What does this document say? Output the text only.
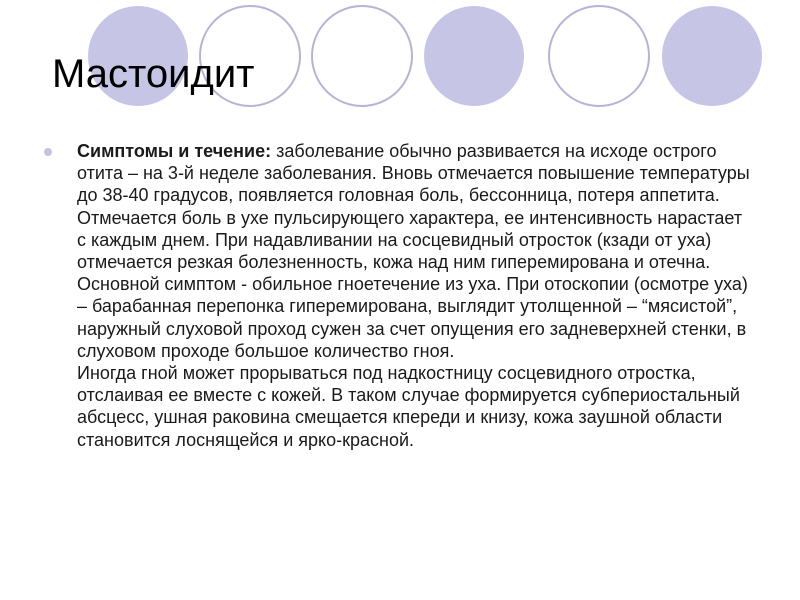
Мастоидит
Симптомы и течение: заболевание обычно развивается на исходе острого отита – на 3-й неделе заболевания. Вновь отмечается повышение температуры до 38-40 градусов, появляется головная боль, бессонница, потеря аппетита. Отмечается боль в ухе пульсирующего характера, ее интенсивность нарастает с каждым днем. При надавливании на сосцевидный отросток (кзади от уха) отмечается резкая болезненность, кожа над ним гиперемирована и отечна. Основной симптом - обильное гноетечение из уха. При отоскопии (осмотре уха) – барабанная перепонка гиперемирована, выглядит утолщенной – “мясистой”, наружный слуховой проход сужен за счет опущения его задневерхней стенки, в слуховом проходе большое количество гноя.
Иногда гной может прорываться под надкостницу сосцевидного отростка, отслаивая ее вместе с кожей. В таком случае формируется субпериостальный абсцесс, ушная раковина смещается кпереди и книзу, кожа заушной области становится лоснящейся и ярко-красной.
